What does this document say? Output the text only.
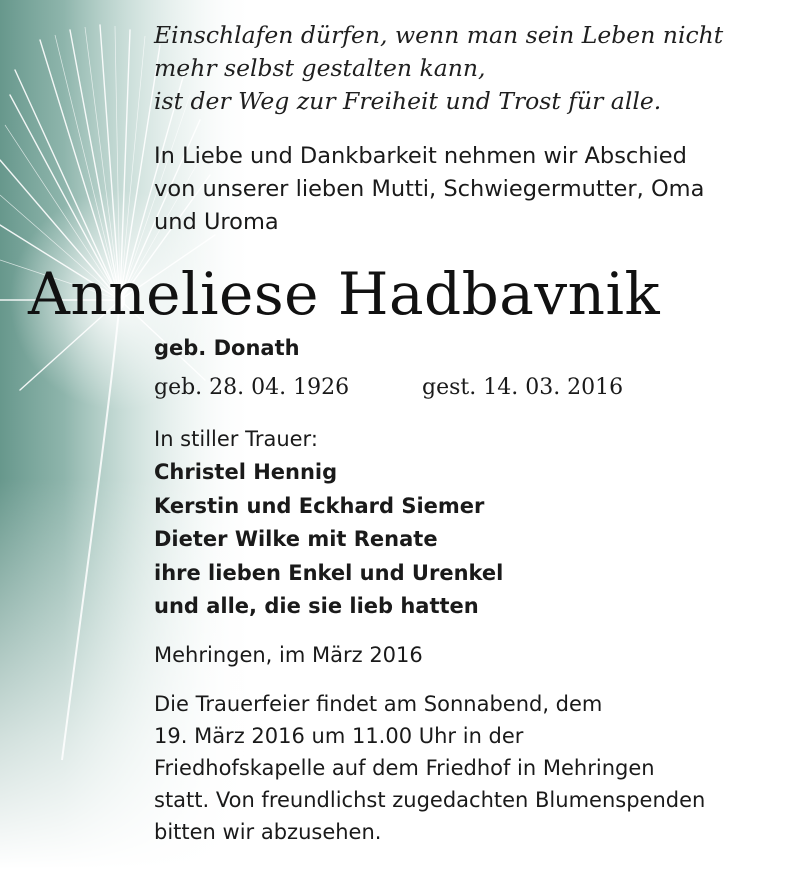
Einschlafen dürfen, wenn man sein Leben nicht
mehr selbst gestalten kann,
ist der Weg zur Freiheit und Trost für alle.
In Liebe und Dankbarkeit nehmen wir Abschied
von unserer lieben Mutti, Schwiegermutter, Oma
und Uroma
Anneliese Hadbavnik
geb. Donath
geb. 28. 04. 1926	gest. 14. 03. 2016
In stiller Trauer:
Christel Hennig
Kerstin und Eckhard Siemer
Dieter Wilke mit Renate
ihre lieben Enkel und Urenkel
und alle, die sie lieb hatten
Mehringen, im März 2016
Die Trauerfeier findet am Sonnabend, dem
19. März 2016 um 11.00 Uhr in der
Friedhofskapelle auf dem Friedhof in Mehringen
statt. Von freundlichst zugedachten Blumenspenden
bitten wir abzusehen.
